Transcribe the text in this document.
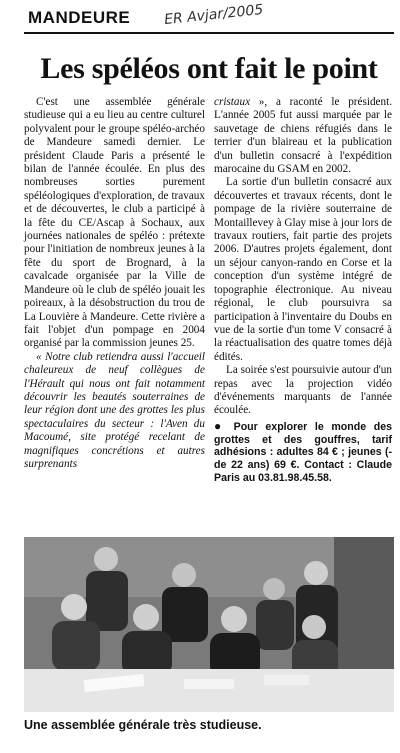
MANDEURE ER Avjar/2005
Les spéléos ont fait le point

C'est une assemblée générale studieuse qui a eu lieu au centre culturel polyvalent pour le groupe spéléo-archéo de Mandeure samedi dernier. Le président Claude Paris a présenté le bilan de l'année écoulée. En plus des nombreuses sorties purement spéléologiques d'exploration, de travaux et de découvertes, le club a participé à la fête du CE/Ascap à Sochaux, aux journées nationales de spéléo : prétexte pour l'initiation de nombreux jeunes à la fête du sport de Brognard, à la cavalcade organisée par la Ville de Mandeure où le club de spéléo jouait les poireaux, à la désobstruction du trou de La Louvière à Mandeure. Cette rivière a fait l'objet d'un pompage en 2004 organisé par la commission jeunes 25.

« Notre club retiendra aussi l'accueil chaleureux de neuf collègues de l'Hérault qui nous ont fait notamment découvrir les beautés souterraines de leur région dont une des grottes les plus spectaculaires du secteur : l'Aven du Macoumé, site protégé recelant de magnifiques concrétions et autres surprenants

cristaux », a raconté le président. L'année 2005 fut aussi marquée par le sauvetage de chiens réfugiés dans le terrier d'un blaireau et la publication d'un bulletin consacré à l'expédition marocaine du GSAM en 2002.

La sortie d'un bulletin consacré aux découvertes et travaux récents, dont le pompage de la rivière souterraine de Montaillevey à Glay mise à jour lors de travaux routiers, fait partie des projets 2006. D'autres projets également, dont un séjour canyon-rando en Corse et la conception d'un système intégré de topographie électronique. Au niveau régional, le club poursuivra sa participation à l'inventaire du Doubs en vue de la sortie d'un tome V consacré à la réactualisation des quatre tomes déjà édités.

La soirée s'est poursuivie autour d'un repas avec la projection vidéo d'événements marquants de l'année écoulée.

● Pour explorer le monde des grottes et des gouffres, tarif adhésions : adultes 84 € ; jeunes (- de 22 ans) 69 €. Contact : Claude Paris au 03.81.98.45.58.

Une assemblée générale très studieuse.
